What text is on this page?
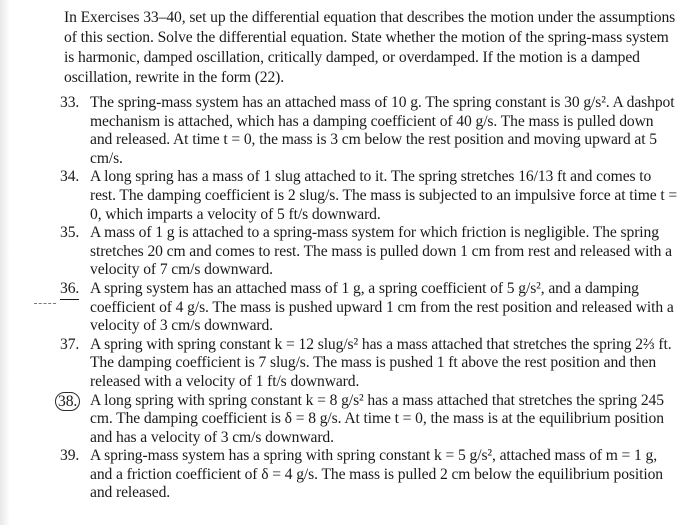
In Exercises 33–40, set up the differential equation that describes the motion under the assumptions of this section. Solve the differential equation. State whether the motion of the spring-mass system is harmonic, damped oscillation, critically damped, or overdamped. If the motion is a damped oscillation, rewrite in the form (22).

33. The spring-mass system has an attached mass of 10 g. The spring constant is 30 g/s². A dashpot mechanism is attached, which has a damping coefficient of 40 g/s. The mass is pulled down and released. At time t = 0, the mass is 3 cm below the rest position and moving upward at 5 cm/s.
34. A long spring has a mass of 1 slug attached to it. The spring stretches 16/13 ft and comes to rest. The damping coefficient is 2 slug/s. The mass is subjected to an impulsive force at time t = 0, which imparts a velocity of 5 ft/s downward.
35. A mass of 1 g is attached to a spring-mass system for which friction is negligible. The spring stretches 20 cm and comes to rest. The mass is pulled down 1 cm from rest and released with a velocity of 7 cm/s downward.
36. A spring system has an attached mass of 1 g, a spring coefficient of 5 g/s², and a damping coefficient of 4 g/s. The mass is pushed upward 1 cm from the rest position and released with a velocity of 3 cm/s downward.
37. A spring with spring constant k = 12 slug/s² has a mass attached that stretches the spring 2⅔ ft. The damping coefficient is 7 slug/s. The mass is pushed 1 ft above the rest position and then released with a velocity of 1 ft/s downward.
38. A long spring with spring constant k = 8 g/s² has a mass attached that stretches the spring 245 cm. The damping coefficient is δ = 8 g/s. At time t = 0, the mass is at the equilibrium position and has a velocity of 3 cm/s downward.
39. A spring-mass system has a spring with spring constant k = 5 g/s², attached mass of m = 1 g, and a friction coefficient of δ = 4 g/s. The mass is pulled 2 cm below the equilibrium position and released.
